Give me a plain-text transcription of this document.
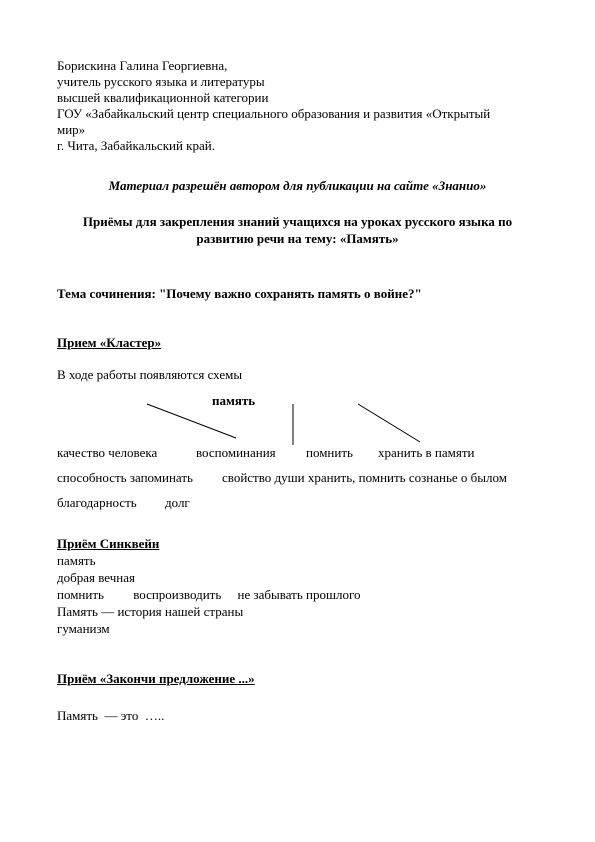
Борискина Галина Георгиевна,
учитель русского языка и литературы
высшей квалификационной категории
ГОУ «Забайкальский центр специального образования и развития «Открытый
мир»
г. Чита, Забайкальский край.
Материал разрешён автором для публикации на сайте «Знанио»
Приёмы для закрепления знаний учащихся на уроках русского языка по
развитию речи на тему: «Память»
Тема сочинения: "Почему важно сохранять память о войне?"
Прием «Кластер»
В ходе работы появляются схемы
память
качество человека	воспоминания помнить хранить в памяти
способность запоминать свойство души хранить, помнить сознанье о былом
благодарность долг
Приём Синквейн
память
добрая вечная
помнить         воспроизводить     не забывать прошлого
Память — история нашей страны
гуманизм
Приём «Закончи предложение ...»
Память  — это  …..
